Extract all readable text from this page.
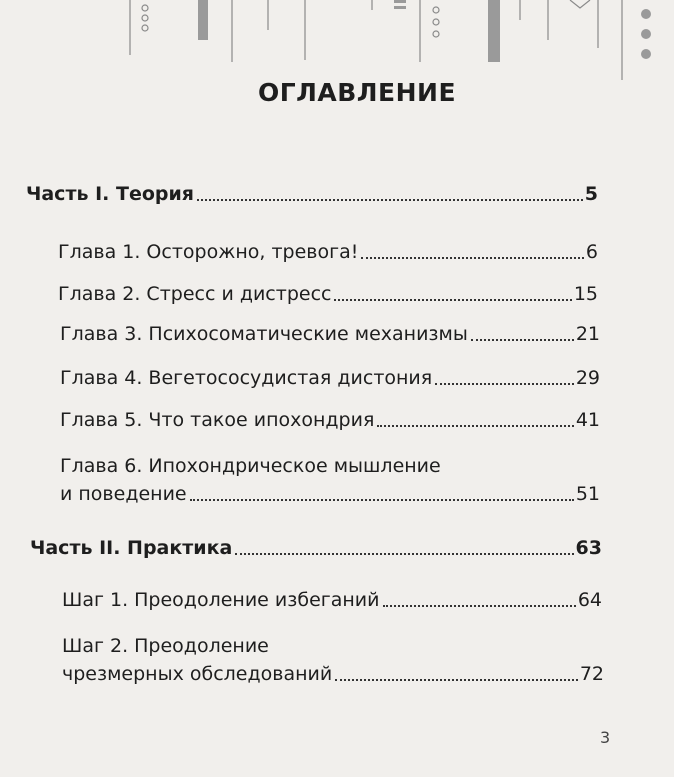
ОГЛАВЛЕНИЕ
Часть I. Теория	5
Глава 1. Осторожно, тревога!	6
Глава 2. Стресс и дистресс	15
Глава 3. Психосоматические механизмы	21
Глава 4. Вегетососудистая дистония	29
Глава 5. Что такое ипохондрия	41
Глава 6. Ипохондрическое мышление
и поведение	51
Часть II. Практика	63
Шаг 1. Преодоление избеганий	64
Шаг 2. Преодоление
чрезмерных обследований	72
3
